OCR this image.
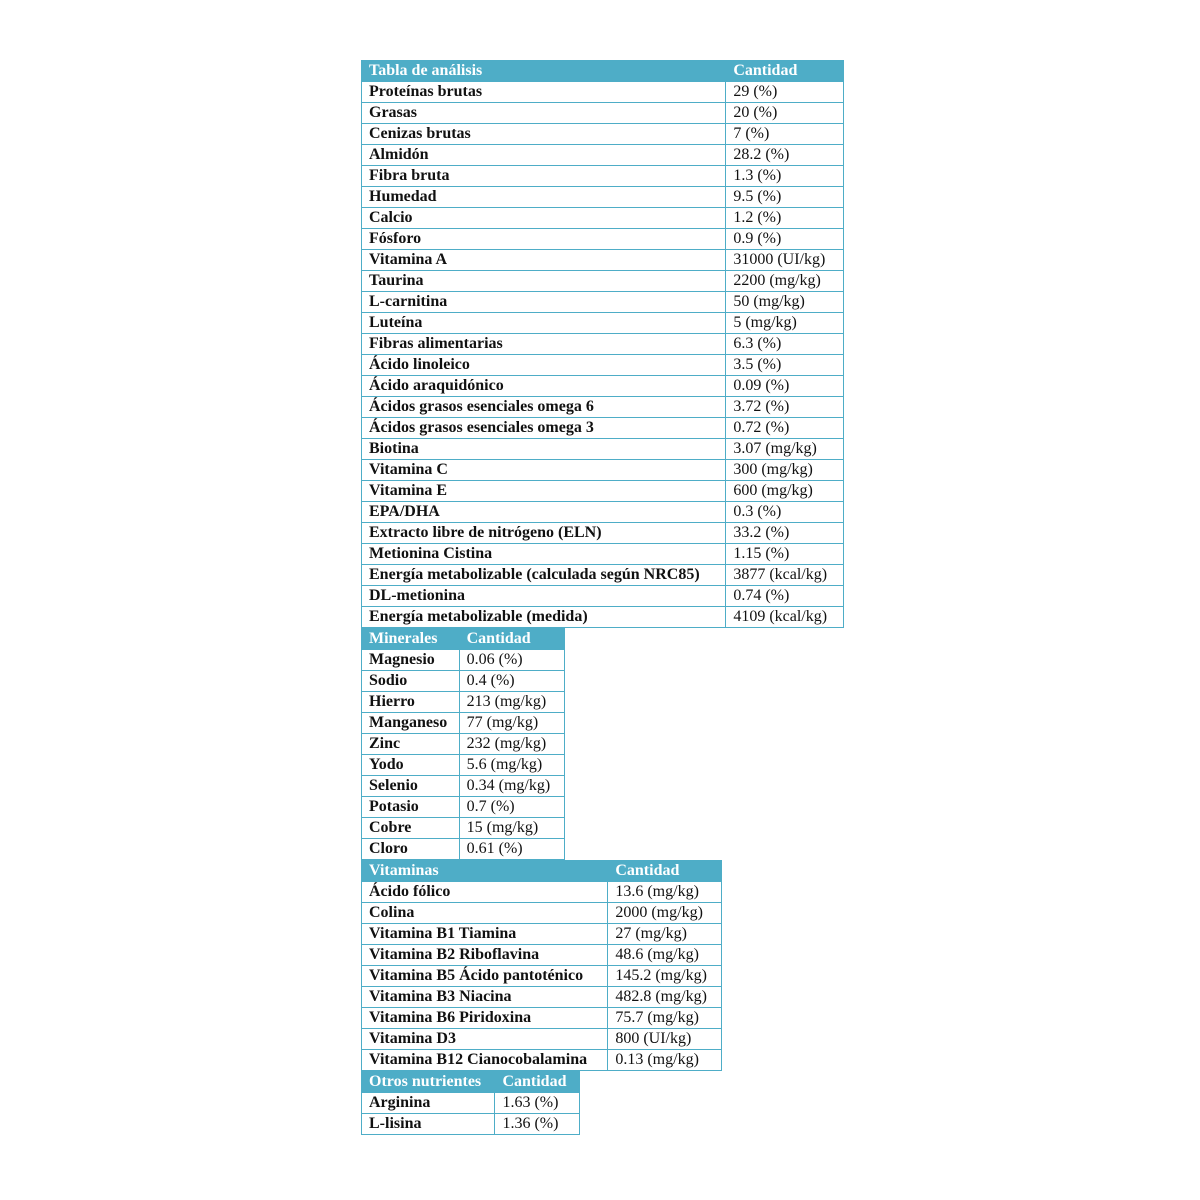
Tabla de análisis	Cantidad
Proteínas brutas	29 (%)
Grasas	20 (%)
Cenizas brutas	7 (%)
Almidón	28.2 (%)
Fibra bruta	1.3 (%)
Humedad	9.5 (%)
Calcio	1.2 (%)
Fósforo	0.9 (%)
Vitamina A	31000 (UI/kg)
Taurina	2200 (mg/kg)
L-carnitina	50 (mg/kg)
Luteína	5 (mg/kg)
Fibras alimentarias	6.3 (%)
Ácido linoleico	3.5 (%)
Ácido araquidónico	0.09 (%)
Ácidos grasos esenciales omega 6	3.72 (%)
Ácidos grasos esenciales omega 3	0.72 (%)
Biotina	3.07 (mg/kg)
Vitamina C	300 (mg/kg)
Vitamina E	600 (mg/kg)
EPA/DHA	0.3 (%)
Extracto libre de nitrógeno (ELN)	33.2 (%)
Metionina Cistina	1.15 (%)
Energía metabolizable (calculada según NRC85)	3877 (kcal/kg)
DL-metionina	0.74 (%)
Energía metabolizable (medida)	4109 (kcal/kg)
Minerales	Cantidad
Magnesio	0.06 (%)
Sodio	0.4 (%)
Hierro	213 (mg/kg)
Manganeso	77 (mg/kg)
Zinc	232 (mg/kg)
Yodo	5.6 (mg/kg)
Selenio	0.34 (mg/kg)
Potasio	0.7 (%)
Cobre	15 (mg/kg)
Cloro	0.61 (%)
Vitaminas	Cantidad
Ácido fólico	13.6 (mg/kg)
Colina	2000 (mg/kg)
Vitamina B1 Tiamina	27 (mg/kg)
Vitamina B2 Riboflavina	48.6 (mg/kg)
Vitamina B5 Ácido pantoténico	145.2 (mg/kg)
Vitamina B3 Niacina	482.8 (mg/kg)
Vitamina B6 Piridoxina	75.7 (mg/kg)
Vitamina D3	800 (UI/kg)
Vitamina B12 Cianocobalamina	0.13 (mg/kg)
Otros nutrientes	Cantidad
Arginina	1.63 (%)
L-lisina	1.36 (%)
